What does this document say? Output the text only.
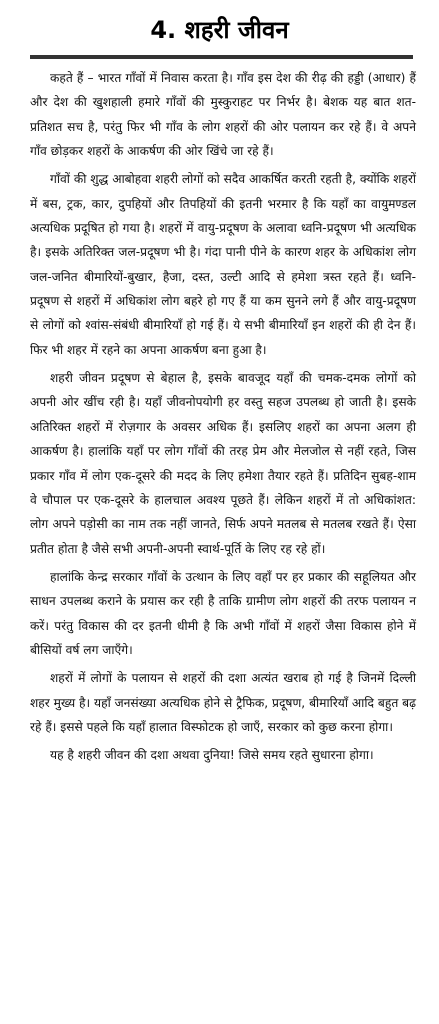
4. शहरी जीवन

कहते हैं – भारत गाँवों में निवास करता है। गाँव इस देश की रीढ़ की हड्डी (आधार) हैं और देश की खुशहाली हमारे गाँवों की मुस्कुराहट पर निर्भर है। बेशक यह बात शत-प्रतिशत सच है, परंतु फिर भी गाँव के लोग शहरों की ओर पलायन कर रहे हैं। वे अपने गाँव छोड़कर शहरों के आकर्षण की ओर खिंचे जा रहे हैं।

गाँवों की शुद्ध आबोहवा शहरी लोगों को सदैव आकर्षित करती रहती है, क्योंकि शहरों में बस, ट्रक, कार, दुपहियों और तिपहियों की इतनी भरमार है कि यहाँ का वायुमण्डल अत्यधिक प्रदूषित हो गया है। शहरों में वायु-प्रदूषण के अलावा ध्वनि-प्रदूषण भी अत्यधिक है। इसके अतिरिक्त जल-प्रदूषण भी है। गंदा पानी पीने के कारण शहर के अधिकांश लोग जल-जनित बीमारियों-बुखार, हैजा, दस्त, उल्टी आदि से हमेशा त्रस्त रहते हैं। ध्वनि-प्रदूषण से शहरों में अधिकांश लोग बहरे हो गए हैं या कम सुनने लगे हैं और वायु-प्रदूषण से लोगों को श्वांस-संबंधी बीमारियाँ हो गई हैं। ये सभी बीमारियाँ इन शहरों की ही देन हैं। फिर भी शहर में रहने का अपना आकर्षण बना हुआ है।

शहरी जीवन प्रदूषण से बेहाल है, इसके बावजूद यहाँ की चमक-दमक लोगों को अपनी ओर खींच रही है। यहाँ जीवनोपयोगी हर वस्तु सहज उपलब्ध हो जाती है। इसके अतिरिक्त शहरों में रोज़गार के अवसर अधिक हैं। इसलिए शहरों का अपना अलग ही आकर्षण है। हालांकि यहाँ पर लोग गाँवों की तरह प्रेम और मेलजोल से नहीं रहते, जिस प्रकार गाँव में लोग एक-दूसरे की मदद के लिए हमेशा तैयार रहते हैं। प्रतिदिन सुबह-शाम वे चौपाल पर एक-दूसरे के हालचाल अवश्य पूछते हैं। लेकिन शहरों में तो अधिकांशत: लोग अपने पड़ोसी का नाम तक नहीं जानते, सिर्फ अपने मतलब से मतलब रखते हैं। ऐसा प्रतीत होता है जैसे सभी अपनी-अपनी स्वार्थ-पूर्ति के लिए रह रहे हों।

हालांकि केन्द्र सरकार गाँवों के उत्थान के लिए वहाँ पर हर प्रकार की सहूलियत और साधन उपलब्ध कराने के प्रयास कर रही है ताकि ग्रामीण लोग शहरों की तरफ पलायन न करें। परंतु विकास की दर इतनी धीमी है कि अभी गाँवों में शहरों जैसा विकास होने में बीसियों वर्ष लग जाएँगे।

शहरों में लोगों के पलायन से शहरों की दशा अत्यंत खराब हो गई है जिनमें दिल्ली शहर मुख्य है। यहाँ जनसंख्या अत्यधिक होने से ट्रैफिक, प्रदूषण, बीमारियाँ आदि बहुत बढ़ रहे हैं। इससे पहले कि यहाँ हालात विस्फोटक हो जाएँ, सरकार को कुछ करना होगा।

यह है शहरी जीवन की दशा अथवा दुनिया! जिसे समय रहते सुधारना होगा।
